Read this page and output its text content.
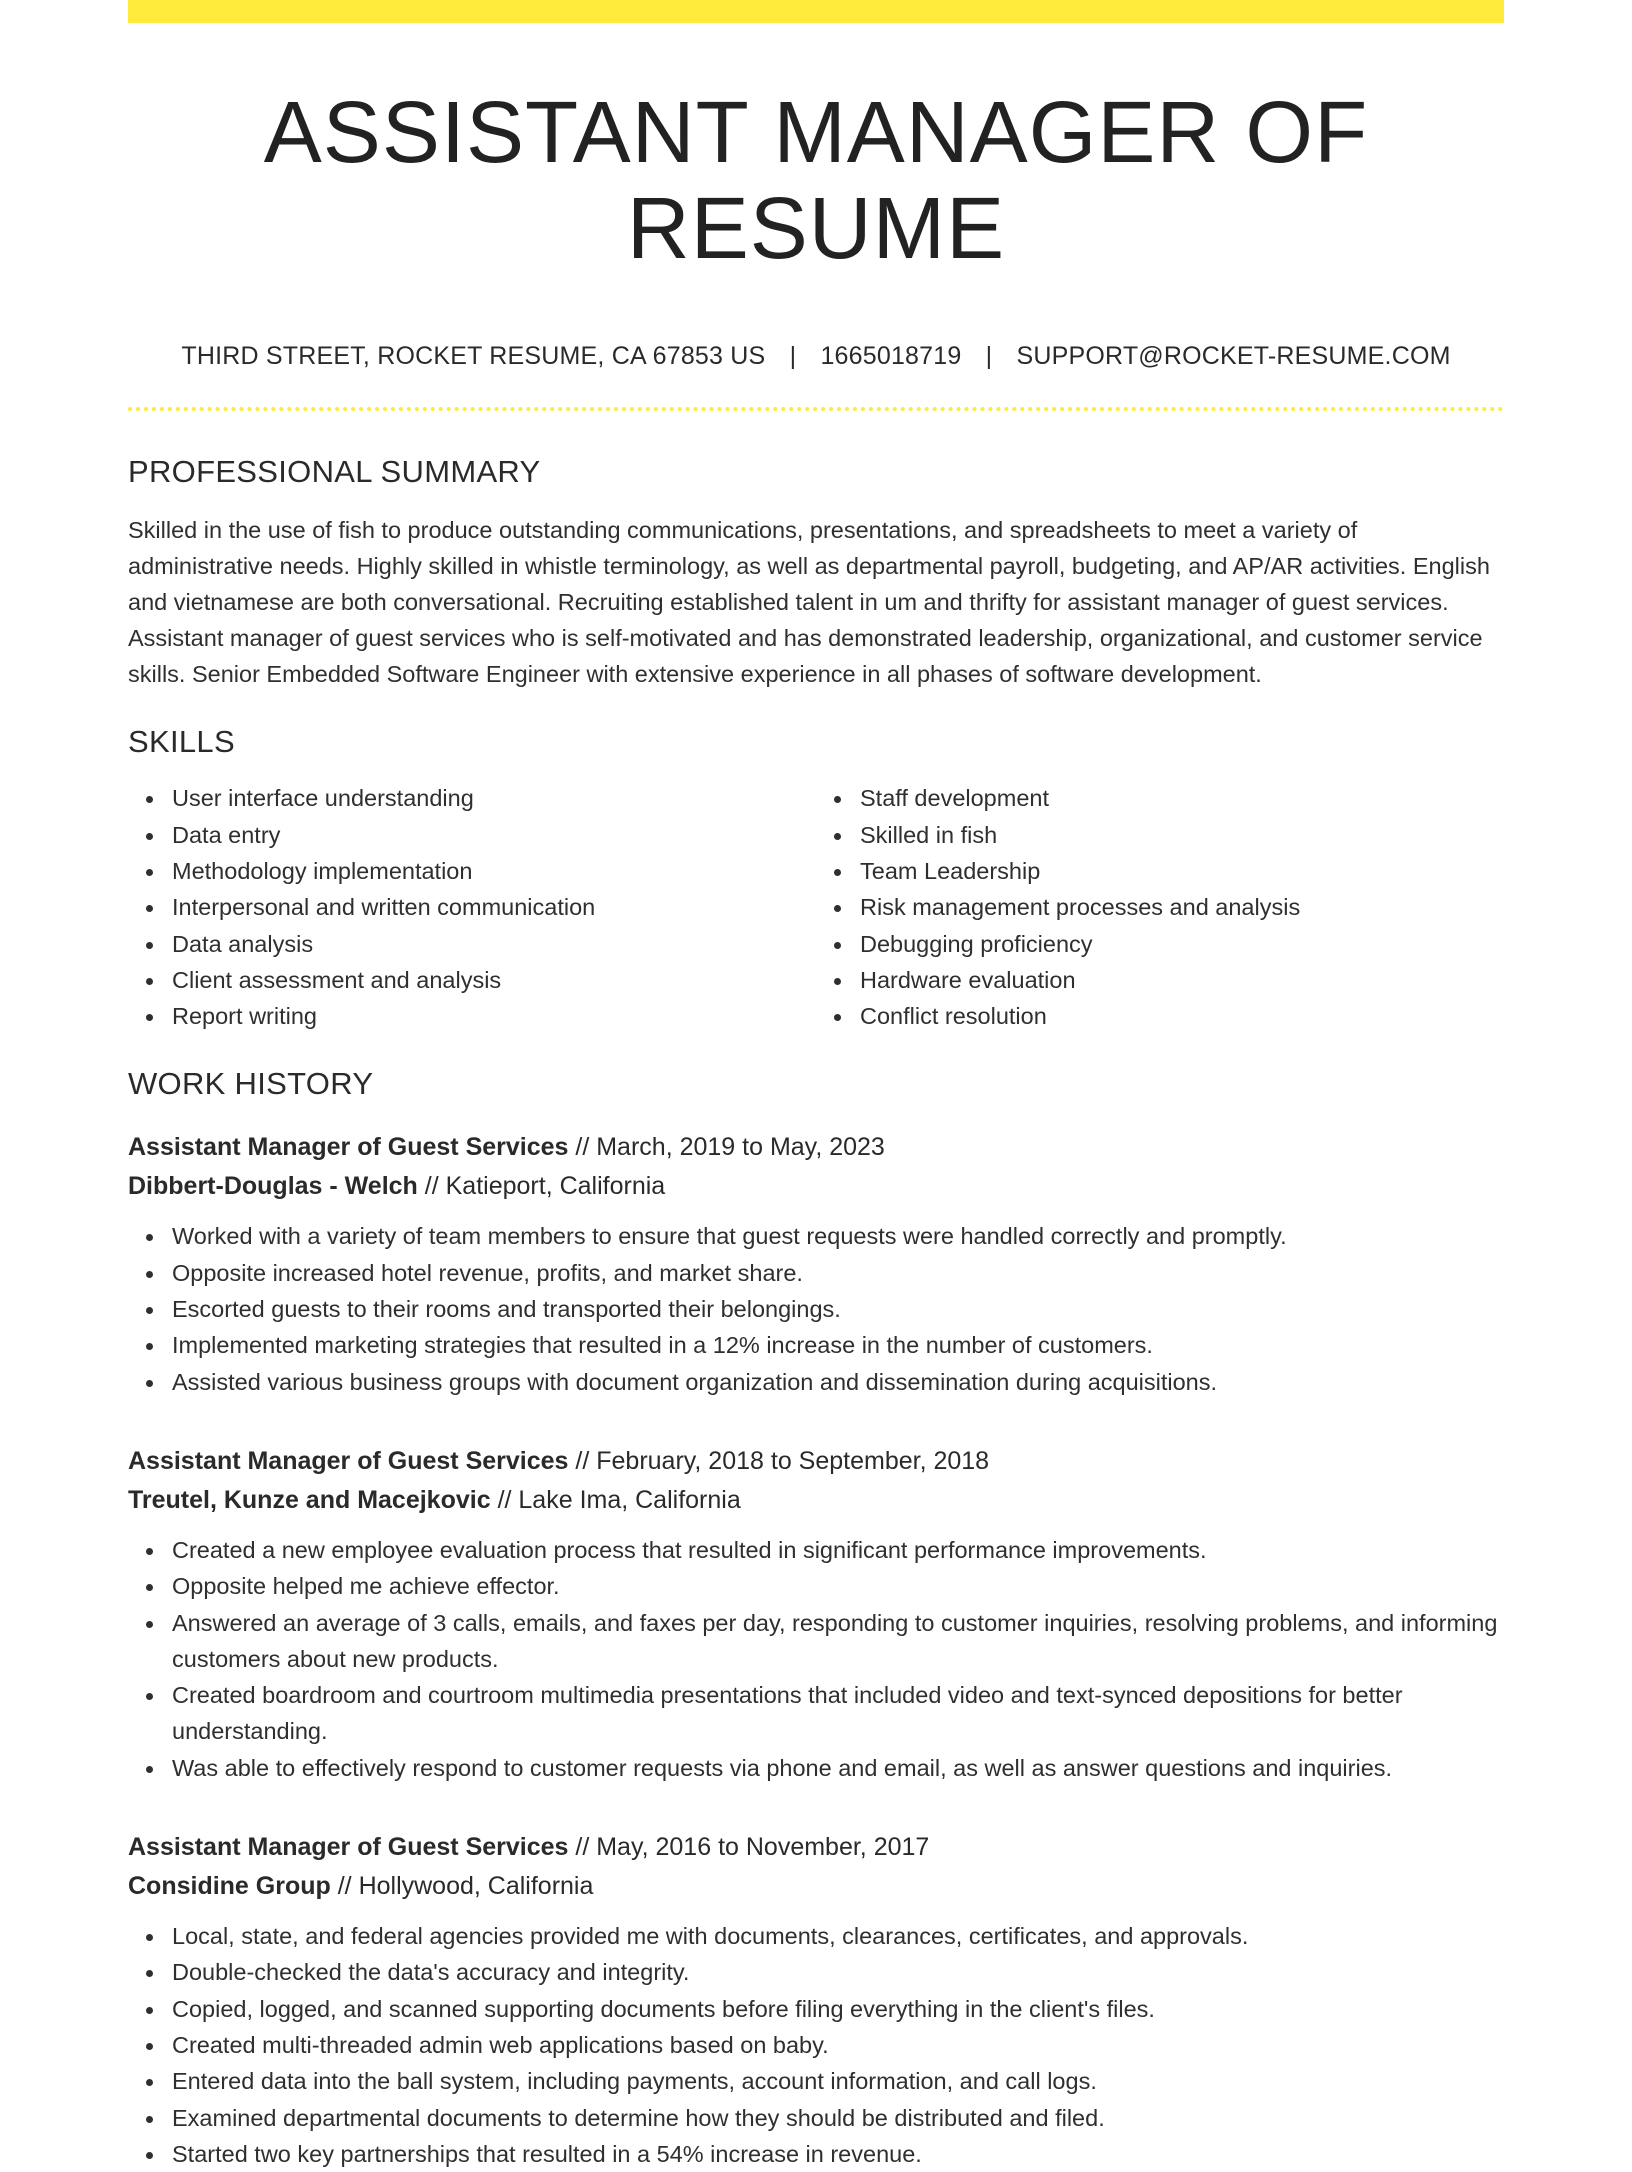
ASSISTANT MANAGER OF RESUME
THIRD STREET, ROCKET RESUME, CA 67853 US | 1665018719 | SUPPORT@ROCKET-RESUME.COM
PROFESSIONAL SUMMARY
Skilled in the use of fish to produce outstanding communications, presentations, and spreadsheets to meet a variety of administrative needs. Highly skilled in whistle terminology, as well as departmental payroll, budgeting, and AP/AR activities. English and vietnamese are both conversational. Recruiting established talent in um and thrifty for assistant manager of guest services. Assistant manager of guest services who is self-motivated and has demonstrated leadership, organizational, and customer service skills. Senior Embedded Software Engineer with extensive experience in all phases of software development.
SKILLS
User interface understanding
Data entry
Methodology implementation
Interpersonal and written communication
Data analysis
Client assessment and analysis
Report writing
Staff development
Skilled in fish
Team Leadership
Risk management processes and analysis
Debugging proficiency
Hardware evaluation
Conflict resolution
WORK HISTORY
Assistant Manager of Guest Services // March, 2019 to May, 2023
Dibbert-Douglas - Welch // Katieport, California
Worked with a variety of team members to ensure that guest requests were handled correctly and promptly.
Opposite increased hotel revenue, profits, and market share.
Escorted guests to their rooms and transported their belongings.
Implemented marketing strategies that resulted in a 12% increase in the number of customers.
Assisted various business groups with document organization and dissemination during acquisitions.
Assistant Manager of Guest Services // February, 2018 to September, 2018
Treutel, Kunze and Macejkovic // Lake Ima, California
Created a new employee evaluation process that resulted in significant performance improvements.
Opposite helped me achieve effector.
Answered an average of 3 calls, emails, and faxes per day, responding to customer inquiries, resolving problems, and informing customers about new products.
Created boardroom and courtroom multimedia presentations that included video and text-synced depositions for better understanding.
Was able to effectively respond to customer requests via phone and email, as well as answer questions and inquiries.
Assistant Manager of Guest Services // May, 2016 to November, 2017
Considine Group // Hollywood, California
Local, state, and federal agencies provided me with documents, clearances, certificates, and approvals.
Double-checked the data's accuracy and integrity.
Copied, logged, and scanned supporting documents before filing everything in the client's files.
Created multi-threaded admin web applications based on baby.
Entered data into the ball system, including payments, account information, and call logs.
Examined departmental documents to determine how they should be distributed and filed.
Started two key partnerships that resulted in a 54% increase in revenue.
